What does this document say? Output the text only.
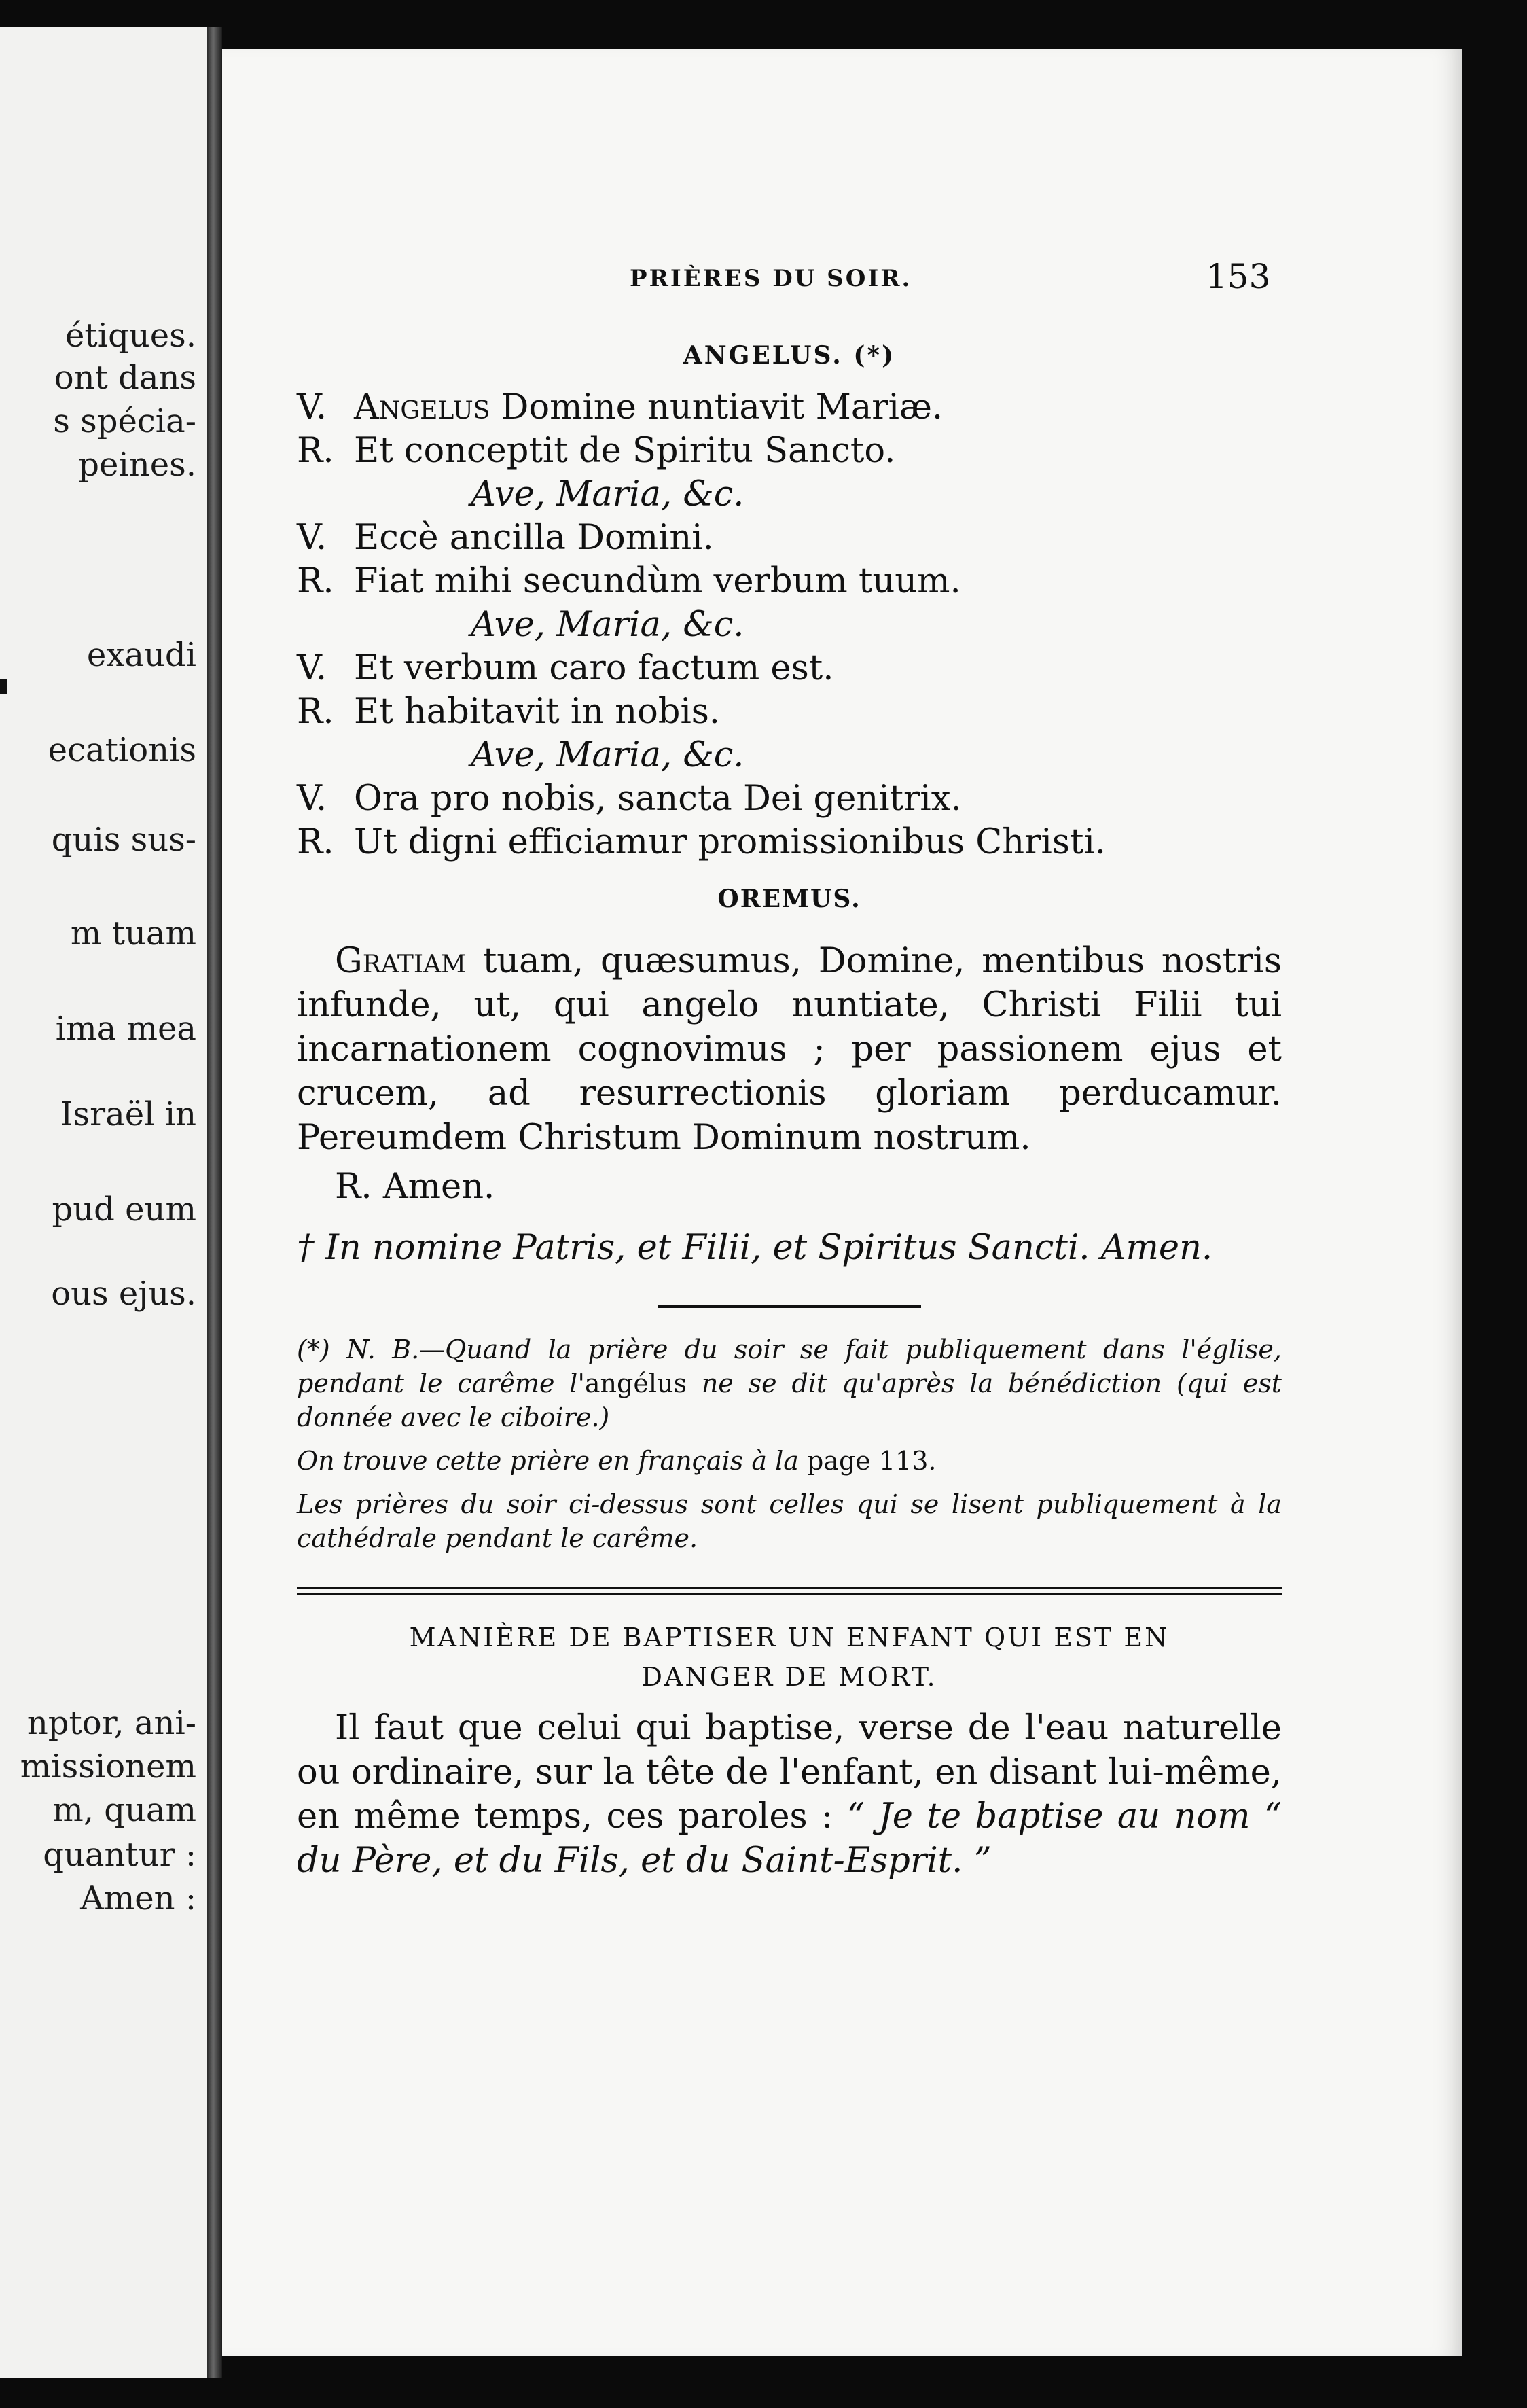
étiques.
ont dans
s spécia-
peines.
exaudi
ecationis
quis sus-
m tuam
ima mea
Israël in
pud eum
ous ejus.
nptor, ani-
missionem
m, quam
quantur :
Amen :
PRIÈRES DU SOIR.	153
ANGELUS. (*)
V. Angelus Domine nuntiavit Mariæ.
R. Et conceptit de Spiritu Sancto.
Ave, Maria, &c.
V. Eccè ancilla Domini.
R. Fiat mihi secundùm verbum tuum.
Ave, Maria, &c.
V. Et verbum caro factum est.
R. Et habitavit in nobis.
Ave, Maria, &c.
V. Ora pro nobis, sancta Dei genitrix.
R. Ut digni efficiamur promissionibus Christi.
OREMUS.

Gratiam tuam, quæsumus, Domine, mentibus nostris infunde, ut, qui angelo nuntiate, Christi Filii tui incarnationem cognovimus ; per passionem ejus et crucem, ad resurrectionis gloriam perducamur. Pereumdem Christum Dominum nostrum.

R. Amen.
† In nomine Patris, et Filii, et Spiritus Sancti. Amen.

(*) N. B.—Quand la prière du soir se fait publiquement dans l'église, pendant le carême l'angélus ne se dit qu'après la bénédiction (qui est donnée avec le ciboire.)

On trouve cette prière en français à la page 113.

Les prières du soir ci-dessus sont celles qui se lisent publiquement à la cathédrale pendant le carême.

MANIÈRE DE BAPTISER UN ENFANT QUI EST EN
DANGER DE MORT.

Il faut que celui qui baptise, verse de l'eau naturelle ou ordinaire, sur la tête de l'enfant, en disant lui-même, en même temps, ces paroles : “ Je te baptise au nom “ du Père, et du Fils, et du Saint-Esprit. ”
